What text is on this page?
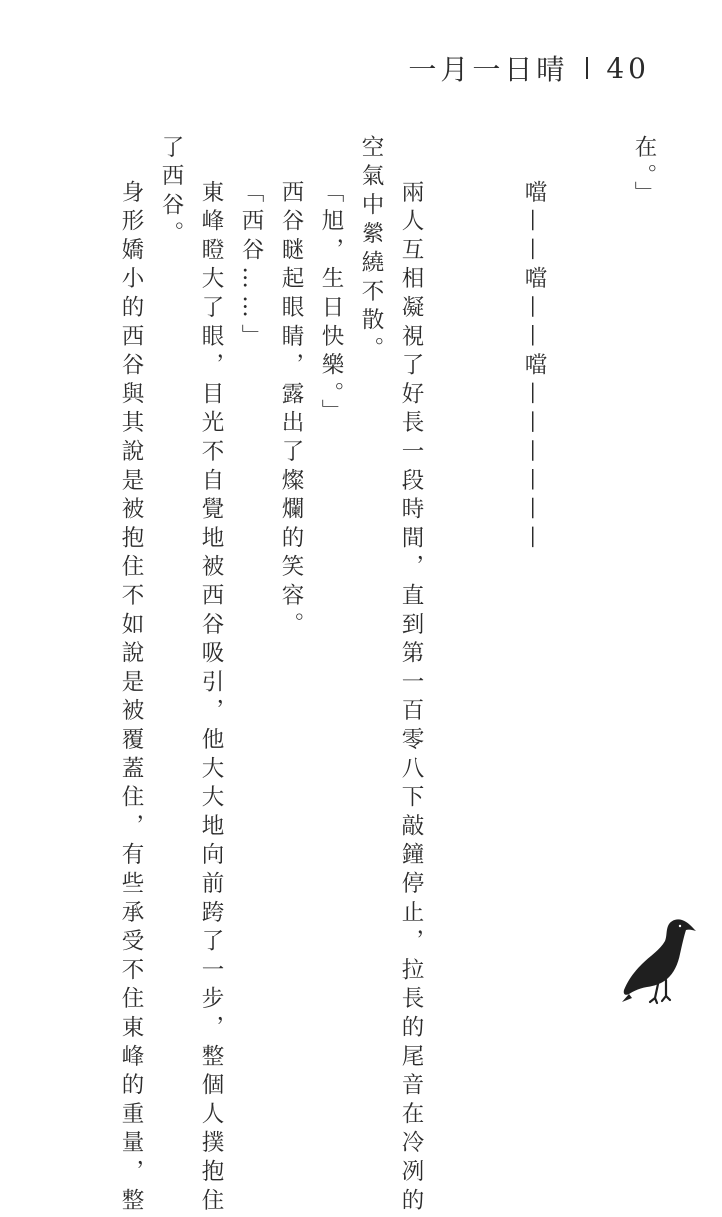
一月一日晴 40
在。」
噹——噹——噹——————
兩人互相凝視了好長一段時間，直到第一百零八下敲鐘停止，拉長的尾音在冷冽的
空氣中縈繞不散。
「旭，生日快樂。」
西谷瞇起眼睛，露出了燦爛的笑容。
「西谷……」
東峰瞪大了眼，目光不自覺地被西谷吸引，他大大地向前跨了一步，整個人撲抱住
了西谷。
身形嬌小的西谷與其說是被抱住不如說是被覆蓋住，有些承受不住東峰的重量，整
